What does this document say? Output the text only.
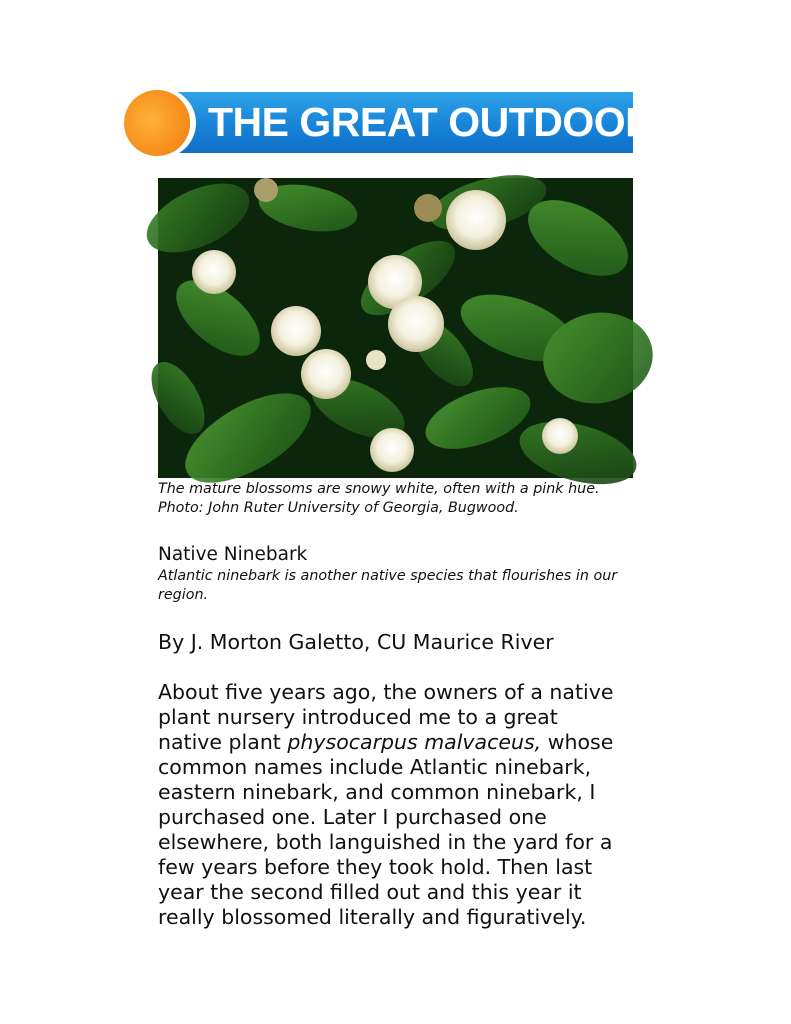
THE GREAT OUTDOORS
The mature blossoms are snowy white, often with a pink hue. Photo: John Ruter University of Georgia, Bugwood.
Native Ninebark
Atlantic ninebark is another native species that flourishes in our region.
By J. Morton Galetto, CU Maurice River
About five years ago, the owners of a native plant nursery introduced me to a great native plant physocarpus malvaceus, whose common names include Atlantic ninebark, eastern ninebark, and common ninebark, I purchased one. Later I purchased one elsewhere, both languished in the yard for a few years before they took hold. Then last year the second filled out and this year it really blossomed literally and figuratively.
